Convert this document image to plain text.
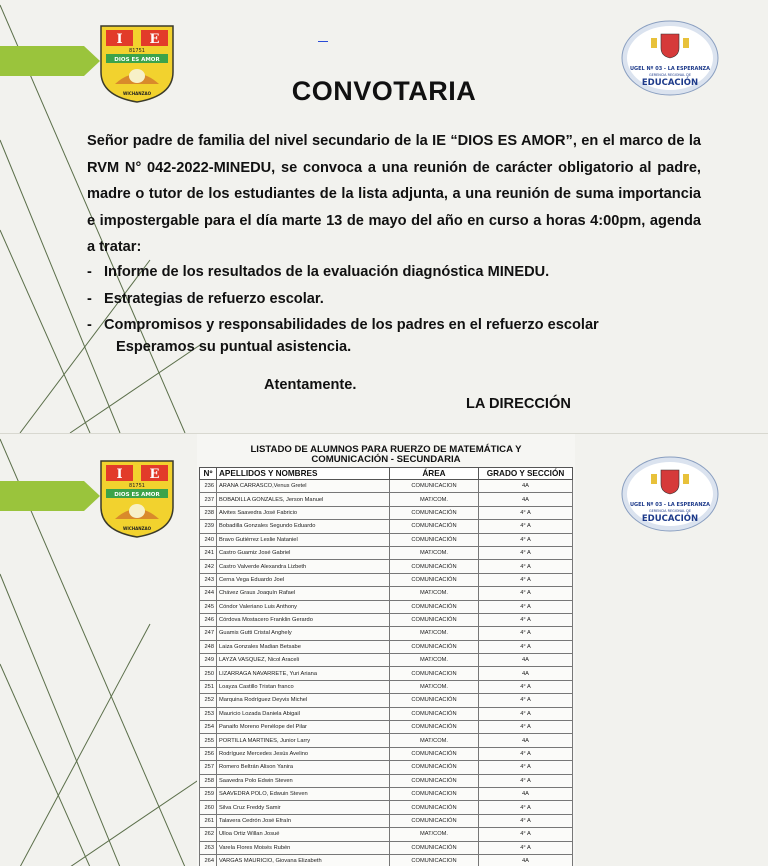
I E
81751
DIOS ES AMOR
WICHANZAO
UGEL Nº 03 - LA ESPERANZA
GERENCIA REGIONAL DE
EDUCACIÓN
CONVOTARIA

Señor padre de familia del nivel secundario de la IE “DIOS ES AMOR”, en el marco de la RVM N° 042-2022-MINEDU, se convoca a una reunión de carácter obligatorio al padre, madre o tutor de los estudiantes de la lista adjunta, a una reunión de suma importancia e impostergable para el día marte 13 de mayo del año en curso a horas 4:00pm, agenda a tratar:

- Informe de los resultados de la evaluación diagnóstica MINEDU.
- Estrategias de refuerzo escolar.
- Compromisos y responsabilidades de los padres en el refuerzo escolar
Esperamos su puntual asistencia.
Atentamente.
LA DIRECCIÓN
I E
81751
DIOS ES AMOR
WICHANZAO
UGEL Nº 03 - LA ESPERANZA
GERENCIA REGIONAL DE
EDUCACIÓN
LISTADO DE ALUMNOS PARA RUERZO DE MATEMÁTICA Y
COMUNICACIÓN - SECUNDARIA
Nº	APELLIDOS Y NOMBRES	ÁREA	GRADO Y SECCIÓN
236	ARANA CARRASCO,Venus Gretel	COMUNICACION	4A
237	BOBADILLA GONZALES, Jerson Manuel	MAT/COM.	4A
238	Alvites Saavedra José Fabricio	COMUNICACIÓN	4° A
239	Bobadilla Gonzales Segundo Eduardo	COMUNICACIÓN	4° A
240	Bravo Gutiérrez Leslie Nataniel	COMUNICACIÓN	4° A
241	Castro Guamiz José Gabriel	MAT/COM.	4° A
242	Castro Valverde Alexandra Lizbeth	COMUNICACIÓN	4° A
243	Cerna Vega Eduardo Joel	COMUNICACIÓN	4° A
244	Chávez Graus Joaquín Rafael	MAT/COM.	4° A
245	Cóndor Valeriano Luis Anthony	COMUNICACIÓN	4° A
246	Córdova Mostacero Franklin Gerardo	COMUNICACIÓN	4° A
247	Guamis Gutti Cristal Anghely	MAT/COM.	4° A
248	Laiza Gonzales Madian Betsabe	COMUNICACIÓN	4° A
249	LAYZA VASQUEZ, Nicol Araceli	MAT/COM.	4A
250	LIZARRAGA NAVARRETE, Yuri Ariana	COMUNICACION	4A
251	Loayza Castillo Tristan franco	MAT/COM.	4° A
252	Marquina Rodríguez Deyvis Michel	COMUNICACIÓN	4° A
253	Mauricio Lozada Daniela Abigail	COMUNICACIÓN	4° A
254	Panaifo Moreno Penélope del Pilar	COMUNICACIÓN	4° A
255	PORTILLA MARTINES, Junior Larry	MAT/COM.	4A
256	Rodríguez Mercedes Jesús Avelino	COMUNICACIÓN	4° A
257	Romero Beltrán Alison Yanira	COMUNICACIÓN	4° A
258	Saavedra Polo Edwin Steven	COMUNICACIÓN	4° A
259	SAAVEDRA POLO, Edwuin Steven	COMUNICACION	4A
260	Silva Cruz Freddy Samir	COMUNICACIÓN	4° A
261	Talavera Cedrón José Efraín	COMUNICACIÓN	4° A
262	Ulloa Ortiz Willan Josué	MAT/COM.	4° A
263	Varela Flores Moisés Rubén	COMUNICACIÓN	4° A
264	VARGAS MAURICIO, Giovana Elizabeth	COMUNICACION	4A
